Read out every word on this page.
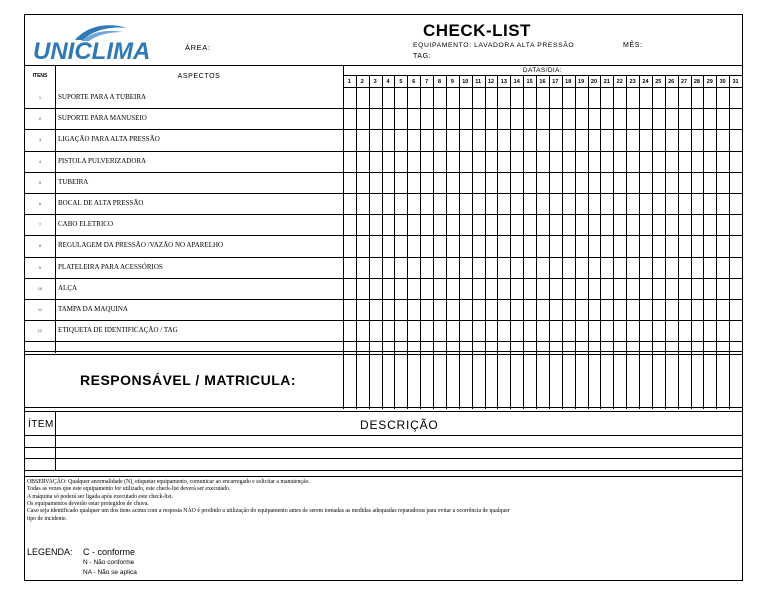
UNICLIMA	ÁREA:
CHECK-LIST
EQUIPAMENTO: LAVADORA ALTA PRESSÃO	MÊS:
TAG:
ITENS	ASPECTOS
DATAS/DIA:
1	2	3	4	5	6	7	8	9	10	11	12	13	14	15	16	17	18	19	20	21	22	23	24	25	26	27	28	29	30	31
1	SUPORTE PARA A TUBEIRA
2	SUPORTE PARA MANUSEIO
3	LIGAÇÃO PARA ALTA PRESSÃO
4	PISTOLA PULVERIZADORA
5	TUBEIRA
6	BOCAL DE ALTA PRESSÃO
7	CABO ELETRICO
8	REGULAGEM DA PRESSÃO /VAZÃO NO APARELHO
9	PLATELEIRA PARA ACESSÓRIOS
10	ALÇA
11	TAMPA DA MAQUINA
12	ETIQUETA DE IDENTIFICAÇÃO / TAG
RESPONSÁVEL / MATRICULA:
ÍTEM	DESCRIÇÃO
OBSERVAÇÃO: Qualquer anormalidade (N), etiquetar equipamento, comunicar ao encarregado e solicitar a manutenção.
Todas as vezes que este equipamento for utilizado, este check-list deverá ser executado.
A máquina só poderá ser ligada após executado este check-list.
Os equipamentos deverão estar protegidos de chuva.
Caso seja identificado qualquer um dos itens acima com a resposta NÃO é proibido a utilização do equipamento antes de serem tomadas as medidas adequadas reparadoras para evitar a ocorrência de qualquer
tipo de incidente.
LEGENDA: C - conforme
N - Não conforme
NA - Não se aplica
